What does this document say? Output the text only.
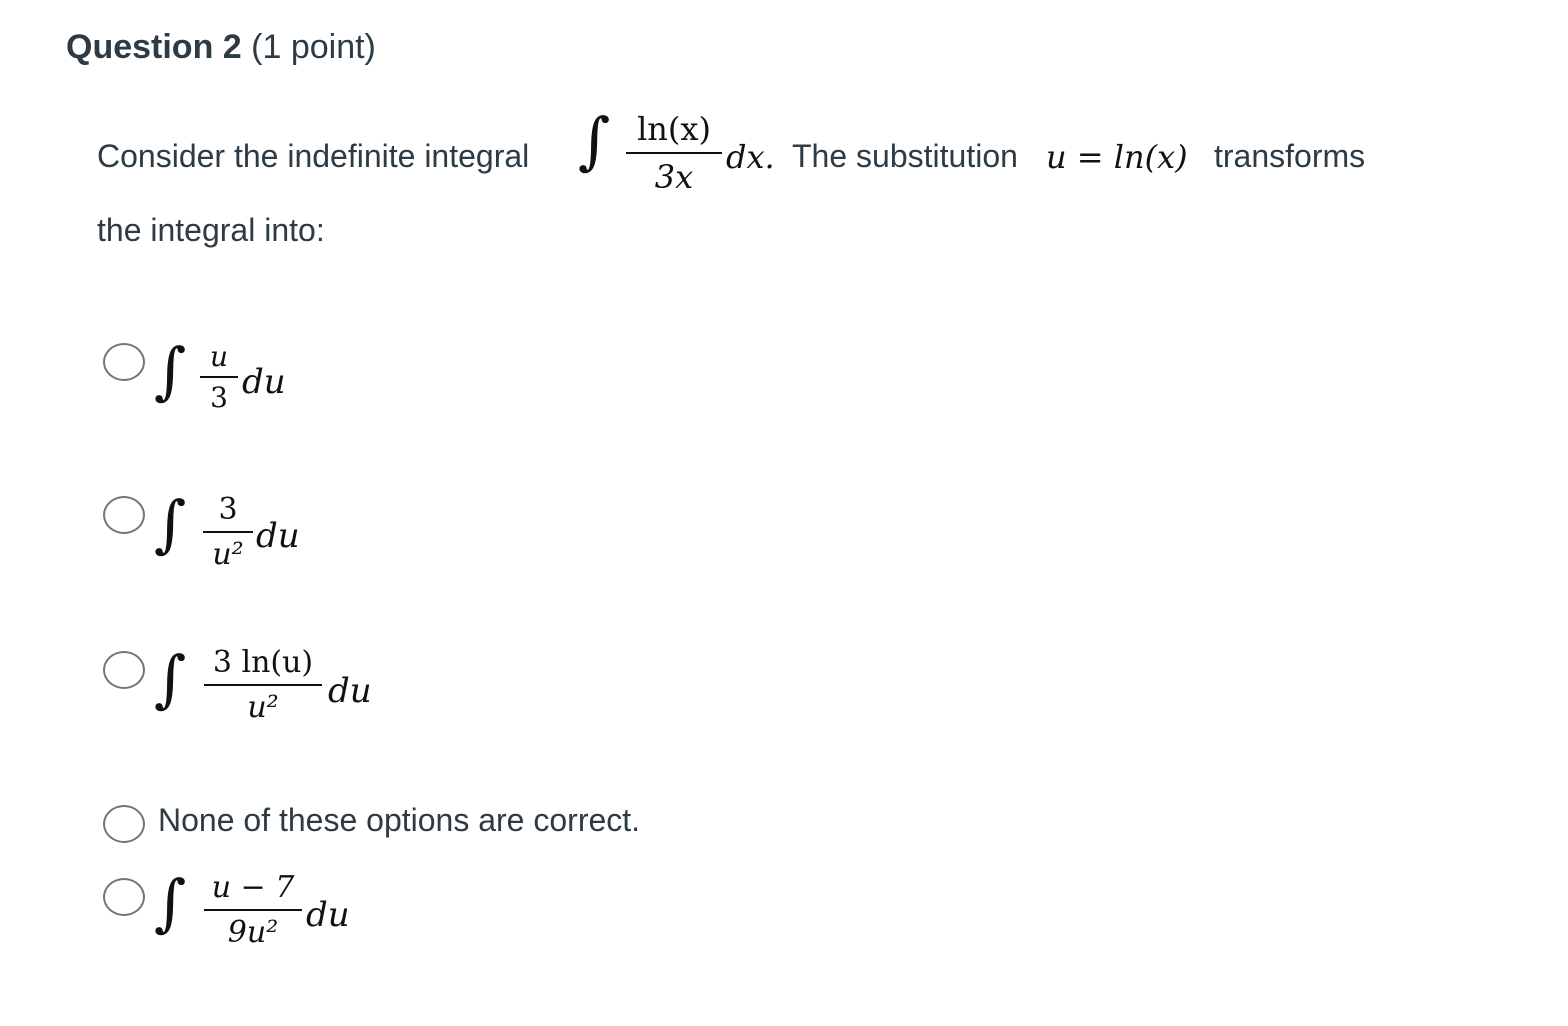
Question 2 (1 point)
Consider the indefinite integral ∫ ln(x)
3x
dx. The substitution u = ln(x) transforms
the integral into:
∫ u
3 du
∫	3
u² du
∫ 3 ln(u)
u²	du
None of these options are correct.
∫ u − 7
9u² du
